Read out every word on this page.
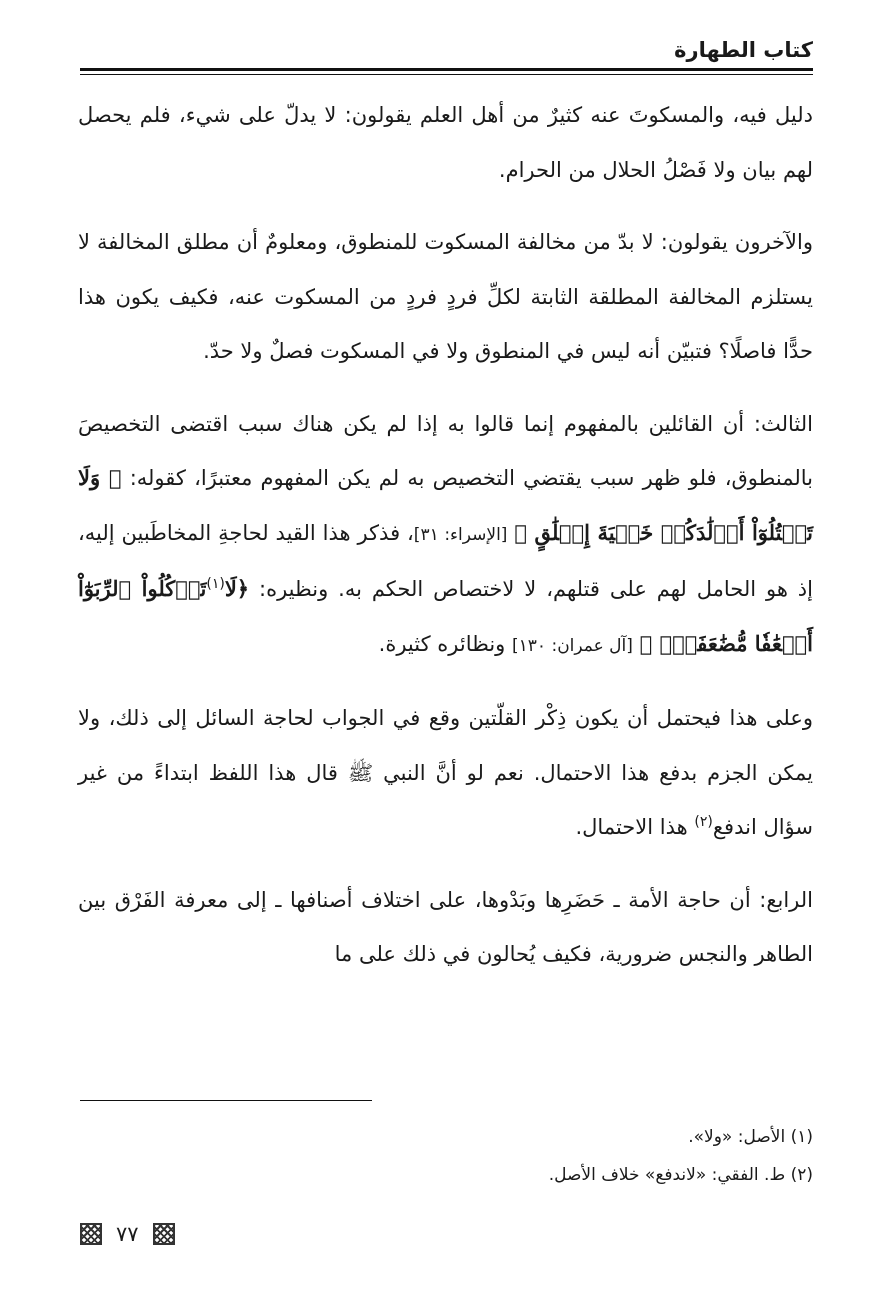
كتاب الطهارة

دليل فيه، والمسكوتَ عنه كثيرٌ من أهل العلم يقولون: لا يدلّ على شيء، فلم يحصل لهم بيان ولا فَصْلُ الحلال من الحرام.

والآخرون يقولون: لا بدّ من مخالفة المسكوت للمنطوق، ومعلومٌ أن مطلق المخالفة لا يستلزم المخالفة المطلقة الثابتة لكلِّ فردٍ فردٍ من المسكوت عنه، فكيف يكون هذا حدًّا فاصلًا؟ فتبيّن أنه ليس في المنطوق ولا في المسكوت فصلٌ ولا حدّ.

الثالث: أن القائلين بالمفهوم إنما قالوا به إذا لم يكن هناك سبب اقتضى التخصيصَ بالمنطوق، فلو ظهر سبب يقتضي التخصيص به لم يكن المفهوم معتبرًا، كقوله: ﴿ وَلَا تَقۡتُلُوٓاْ أَوۡلَٰدَكُمۡ خَشۡيَةَ إِمۡلَٰقٍ ﴾ [الإسراء: ٣١]، فذكر هذا القيد لحاجةِ المخاطَبين إليه، إذ هو الحامل لهم على قتلهم، لا لاختصاص الحكم به. ونظيره: ﴿لَا$^{(١)}$تَأۡكُلُواْ ٱلرِّبَوٰٓاْ أَضۡعَٰفٗا مُّضَٰعَفَةٗۖ ﴾ [آل عمران: ١٣٠] ونظائره كثيرة.

وعلى هذا فيحتمل أن يكون ذِكْر القلّتين وقع في الجواب لحاجة السائل إلى ذلك، ولا يمكن الجزم بدفع هذا الاحتمال. نعم لو أنَّ النبي ﷺ قال هذا اللفظ ابتداءً من غير سؤال اندفع$^{(٢)}$ هذا الاحتمال.

الرابع: أن حاجة الأمة ـ حَضَرِها وبَدْوها، على اختلاف أصنافها ـ إلى معرفة الفَرْق بين الطاهر والنجس ضرورية، فكيف يُحالون في ذلك على ما

(١) الأصل: «ولا».

(٢) ط. الفقي: «لاندفع» خلاف الأصل.

٧٧
